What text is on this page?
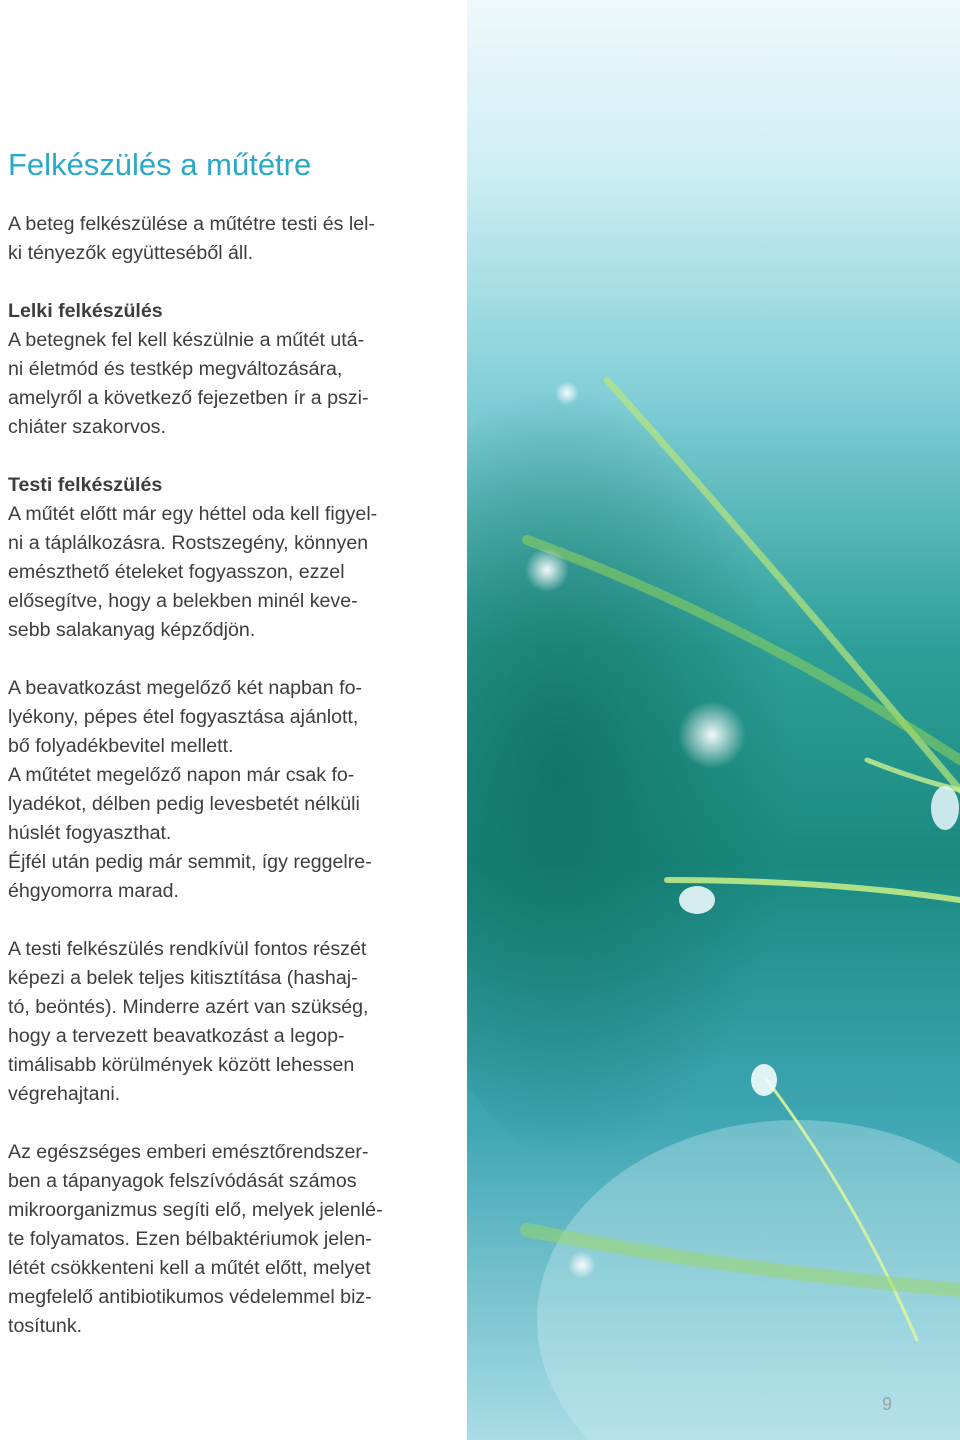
Felkészülés a műtétre

A beteg felkészülése a műtétre testi és lel-
ki tényezők együtteséből áll.

Lelki felkészülés
A betegnek fel kell készülnie a műtét utá-
ni életmód és testkép megváltozására,
amelyről a következő fejezetben ír a pszi-
chiáter szakorvos.

Testi felkészülés
A műtét előtt már egy héttel oda kell figyel-
ni a táplálkozásra. Rostszegény, könnyen
emészthető ételeket fogyasszon, ezzel
elősegítve, hogy a belekben minél keve-
sebb salakanyag képződjön.

A beavatkozást megelőző két napban fo-
lyékony, pépes étel fogyasztása ajánlott,
bő folyadékbevitel mellett.
A műtétet megelőző napon már csak fo-
lyadékot, délben pedig levesbetét nélküli
húslét fogyaszthat.
Éjfél után pedig már semmit, így reggelre-
éhgyomorra marad.

A testi felkészülés rendkívül fontos részét
képezi a belek teljes kitisztítása (hashaj-
tó, beöntés). Minderre azért van szükség,
hogy a tervezett beavatkozást a legop-
timálisabb körülmények között lehessen
végrehajtani.

Az egészséges emberi emésztőrendszer-
ben a tápanyagok felszívódását számos
mikroorganizmus segíti elő, melyek jelenlé-
te folyamatos. Ezen bélbaktériumok jelen-
létét csökkenteni kell a műtét előtt, melyet
megfelelő antibiotikumos védelemmel biz-
tosítunk.

9
